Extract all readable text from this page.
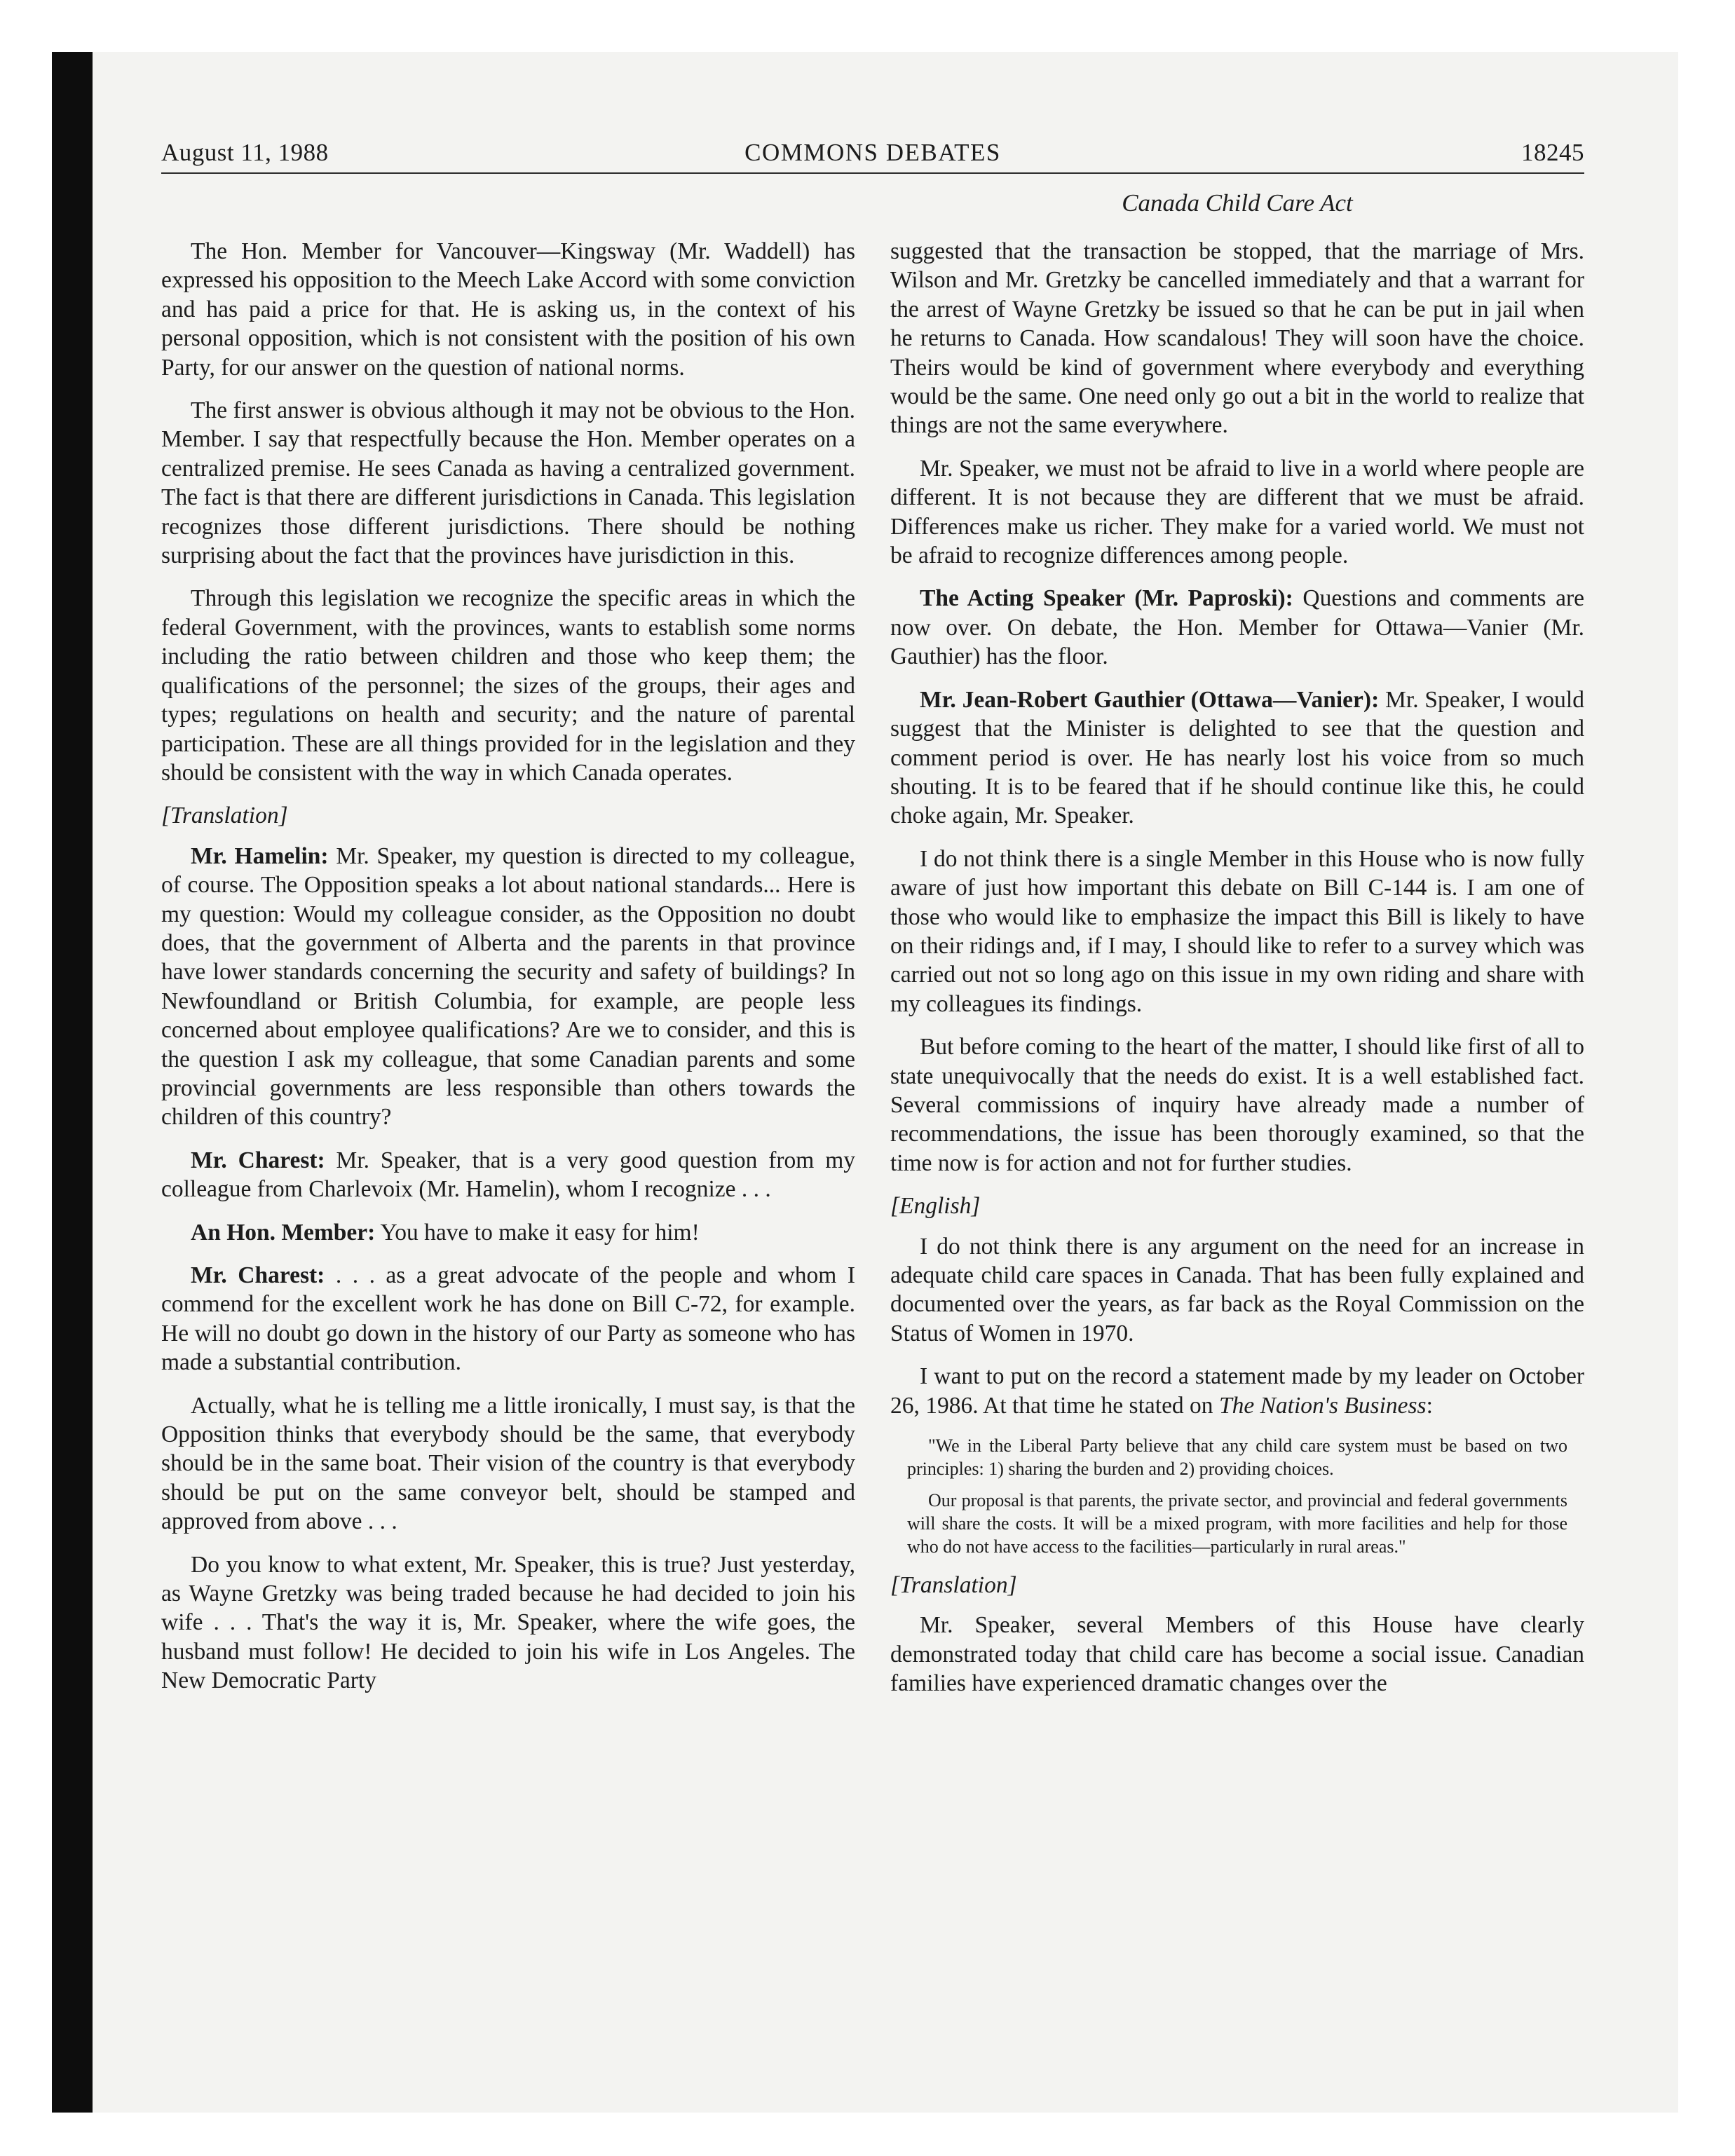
August 11, 1988	COMMONS DEBATES	18245
Canada Child Care Act

The Hon. Member for Vancouver—Kingsway (Mr. Waddell) has expressed his opposition to the Meech Lake Accord with some conviction and has paid a price for that. He is asking us, in the context of his personal opposition, which is not consistent with the position of his own Party, for our answer on the question of national norms.

The first answer is obvious although it may not be obvious to the Hon. Member. I say that respectfully because the Hon. Member operates on a centralized premise. He sees Canada as having a centralized government. The fact is that there are different jurisdictions in Canada. This legislation recognizes those different jurisdictions. There should be nothing surprising about the fact that the provinces have jurisdiction in this.

Through this legislation we recognize the specific areas in which the federal Government, with the provinces, wants to establish some norms including the ratio between children and those who keep them; the qualifications of the personnel; the sizes of the groups, their ages and types; regulations on health and security; and the nature of parental participation. These are all things provided for in the legislation and they should be consistent with the way in which Canada operates.

[Translation]

Mr. Hamelin: Mr. Speaker, my question is directed to my colleague, of course. The Opposition speaks a lot about national standards... Here is my question: Would my colleague consider, as the Opposition no doubt does, that the government of Alberta and the parents in that province have lower standards concerning the security and safety of buildings? In Newfoundland or British Columbia, for example, are people less concerned about employee qualifications? Are we to consider, and this is the question I ask my colleague, that some Canadian parents and some provincial governments are less responsible than others towards the children of this country?

Mr. Charest: Mr. Speaker, that is a very good question from my colleague from Charlevoix (Mr. Hamelin), whom I recognize . . .

An Hon. Member: You have to make it easy for him!

Mr. Charest: . . . as a great advocate of the people and whom I commend for the excellent work he has done on Bill C-72, for example. He will no doubt go down in the history of our Party as someone who has made a substantial contribution.

Actually, what he is telling me a little ironically, I must say, is that the Opposition thinks that everybody should be the same, that everybody should be in the same boat. Their vision of the country is that everybody should be put on the same conveyor belt, should be stamped and approved from above . . .

Do you know to what extent, Mr. Speaker, this is true? Just yesterday, as Wayne Gretzky was being traded because he had decided to join his wife . . . That's the way it is, Mr. Speaker, where the wife goes, the husband must follow! He decided to join his wife in Los Angeles. The New Democratic Party

suggested that the transaction be stopped, that the marriage of Mrs. Wilson and Mr. Gretzky be cancelled immediately and that a warrant for the arrest of Wayne Gretzky be issued so that he can be put in jail when he returns to Canada. How scandalous! They will soon have the choice. Theirs would be kind of government where everybody and everything would be the same. One need only go out a bit in the world to realize that things are not the same everywhere.

Mr. Speaker, we must not be afraid to live in a world where people are different. It is not because they are different that we must be afraid. Differences make us richer. They make for a varied world. We must not be afraid to recognize differences among people.

The Acting Speaker (Mr. Paproski): Questions and comments are now over. On debate, the Hon. Member for Ottawa—Vanier (Mr. Gauthier) has the floor.

Mr. Jean-Robert Gauthier (Ottawa—Vanier): Mr. Speaker, I would suggest that the Minister is delighted to see that the question and comment period is over. He has nearly lost his voice from so much shouting. It is to be feared that if he should continue like this, he could choke again, Mr. Speaker.

I do not think there is a single Member in this House who is now fully aware of just how important this debate on Bill C-144 is. I am one of those who would like to emphasize the impact this Bill is likely to have on their ridings and, if I may, I should like to refer to a survey which was carried out not so long ago on this issue in my own riding and share with my colleagues its findings.

But before coming to the heart of the matter, I should like first of all to state unequivocally that the needs do exist. It is a well established fact. Several commissions of inquiry have already made a number of recommendations, the issue has been thorougly examined, so that the time now is for action and not for further studies.

[English]

I do not think there is any argument on the need for an increase in adequate child care spaces in Canada. That has been fully explained and documented over the years, as far back as the Royal Commission on the Status of Women in 1970.

I want to put on the record a statement made by my leader on October 26, 1986. At that time he stated on The Nation's Business:

"We in the Liberal Party believe that any child care system must be based on two principles: 1) sharing the burden and 2) providing choices.

Our proposal is that parents, the private sector, and provincial and federal governments will share the costs. It will be a mixed program, with more facilities and help for those who do not have access to the facilities—particularly in rural areas."

[Translation]

Mr. Speaker, several Members of this House have clearly demonstrated today that child care has become a social issue. Canadian families have experienced dramatic changes over the
